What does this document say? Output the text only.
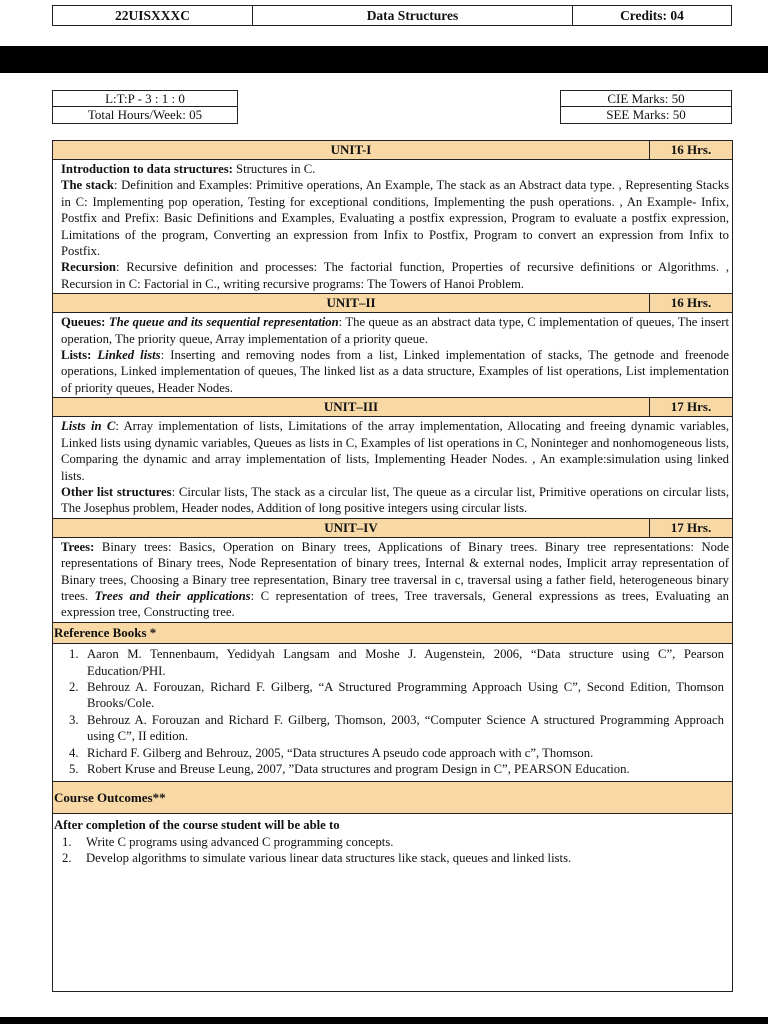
22UISXXXC	Data Structures	Credits: 04
L:T:P - 3 : 1 : 0
Total Hours/Week: 05
CIE Marks: 50
SEE Marks: 50
UNIT-I	16 Hrs.

Introduction to data structures: Structures in C.

The stack: Definition and Examples: Primitive operations, An Example, The stack as an Abstract data type. , Representing Stacks in C: Implementing pop operation, Testing for exceptional conditions, Implementing the push operations. , An Example- Infix, Postfix and Prefix: Basic Definitions and Examples, Evaluating a postfix expression, Program to evaluate a postfix expression, Limitations of the program, Converting an expression from Infix to Postfix, Program to convert an expression from Infix to Postfix.

Recursion: Recursive definition and processes: The factorial function, Properties of recursive definitions or Algorithms. , Recursion in C: Factorial in C., writing recursive programs: The Towers of Hanoi Problem.

UNIT–II	16 Hrs.

Queues: The queue and its sequential representation: The queue as an abstract data type, C implementation of queues, The insert operation, The priority queue, Array implementation of a priority queue.

Lists: Linked lists: Inserting and removing nodes from a list, Linked implementation of stacks, The getnode and freenode operations, Linked implementation of queues, The linked list as a data structure, Examples of list operations, List implementation of priority queues, Header Nodes.

UNIT–III	17 Hrs.

Lists in C: Array implementation of lists, Limitations of the array implementation, Allocating and freeing dynamic variables, Linked lists using dynamic variables, Queues as lists in C, Examples of list operations in C, Noninteger and nonhomogeneous lists, Comparing the dynamic and array implementation of lists, Implementing Header Nodes. , An example:simulation using linked lists.

Other list structures: Circular lists, The stack as a circular list, The queue as a circular list, Primitive operations on circular lists, The Josephus problem, Header nodes, Addition of long positive integers using circular lists.

UNIT–IV	17 Hrs.

Trees: Binary trees: Basics, Operation on Binary trees, Applications of Binary trees. Binary tree representations: Node representations of Binary trees, Node Representation of binary trees, Internal & external nodes, Implicit array representation of Binary trees, Choosing a Binary tree representation, Binary tree traversal in c, traversal using a father field, heterogeneous binary trees. Trees and their applications: C representation of trees, Tree traversals, General expressions as trees, Evaluating an expression tree, Constructing tree.

Reference Books *
1. Aaron M. Tennenbaum, Yedidyah Langsam and Moshe J. Augenstein, 2006, “Data structure using C”, Pearson Education/PHI.
2. Behrouz A. Forouzan, Richard F. Gilberg, “A Structured Programming Approach Using C”, Second Edition, Thomson Brooks/Cole.
3. Behrouz A. Forouzan and Richard F. Gilberg, Thomson, 2003, “Computer Science A structured Programming Approach using C”, II edition.
4. Richard F. Gilberg and Behrouz, 2005, “Data structures A pseudo code approach with c”, Thomson.
5. Robert Kruse and Breuse Leung, 2007, ”Data structures and program Design in C”, PEARSON Education.
Course Outcomes**
After completion of the course student will be able to
1.	Write C programs using advanced C programming concepts.
2.	Develop algorithms to simulate various linear data structures like stack, queues and linked lists.
